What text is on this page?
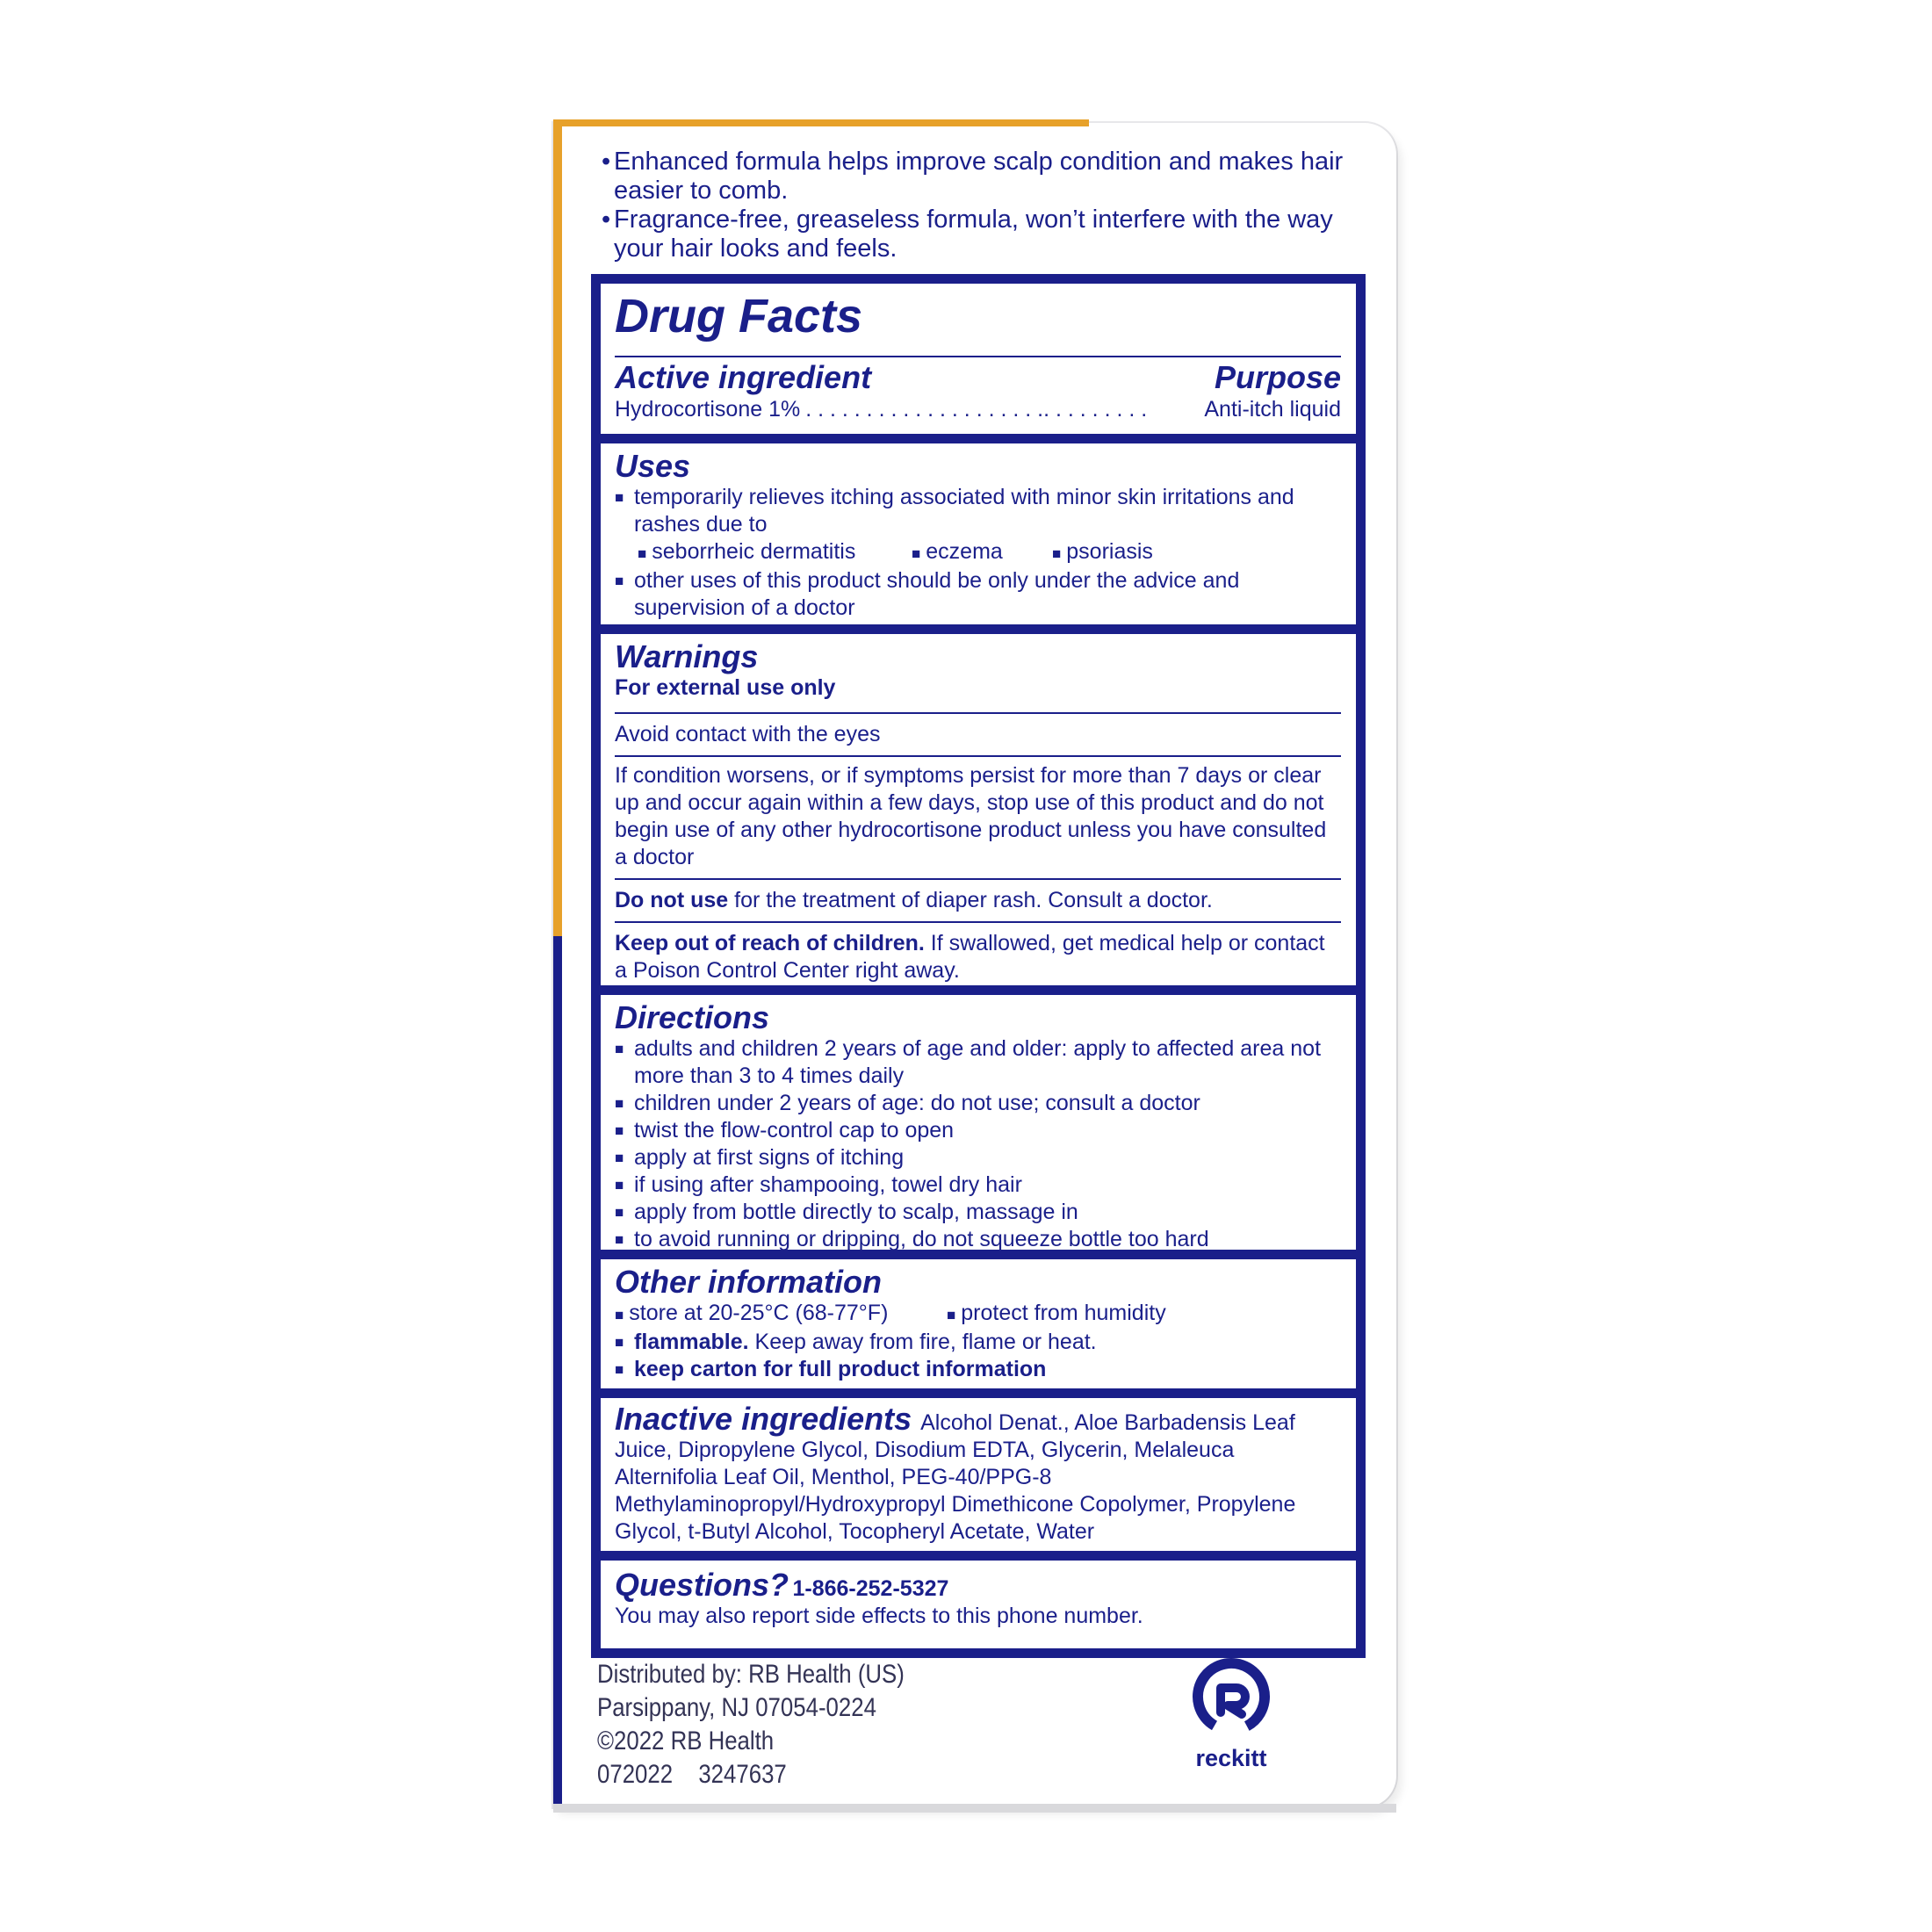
• Enhanced formula helps improve scalp condition and makes hair easier to comb.
• Fragrance-free, greaseless formula, won’t interfere with the way your hair looks and feels.
Drug Facts
Active ingredient	Purpose
Hydrocortisone 1% . . . . . . . . . . . . . . . . . . . .. . . . . . . . .	Anti-itch liquid
Uses
■
temporarily relieves itching associated with minor skin irritations and rashes due to
■ seborrheic dermatitis ■	eczema ■	psoriasis
■
other uses of this product should be only under the advice and supervision of a doctor
Warnings
For external use only
Avoid contact with the eyes
If condition worsens, or if symptoms persist for more than 7 days or clear up and occur again within a few days, stop use of this product and do not begin use of any other hydrocortisone product unless you have consulted a doctor
Do not use for the treatment of diaper rash. Consult a doctor.
Keep out of reach of children. If swallowed, get medical help or contact a Poison Control Center right away.
Directions
■
adults and children 2 years of age and older: apply to affected area not more than 3 to 4 times daily
■
children under 2 years of age: do not use; consult a doctor
■
twist the flow-control cap to open
■
apply at first signs of itching
■
if using after shampooing, towel dry hair
■
apply from bottle directly to scalp, massage in
■
to avoid running or dripping, do not squeeze bottle too hard
Other information
■ store at 20-25°C (68-77°F) ■	protect from humidity
■
flammable. Keep away from fire, flame or heat.
■
keep carton for full product information
Inactive ingredients Alcohol Denat., Aloe Barbadensis Leaf Juice, Dipropylene Glycol, Disodium EDTA, Glycerin, Melaleuca Alternifolia Leaf Oil, Menthol, PEG-40/PPG-8 Methylaminopropyl/Hydroxypropyl Dimethicone Copolymer, Propylene Glycol, t-Butyl Alcohol, Tocopheryl Acetate, Water
Questions? 1-866-252-5327
You may also report side effects to this phone number.
Distributed by: RB Health (US)
Parsippany, NJ 07054-0224
©2022 RB Health
072022 3247637
reckitt
